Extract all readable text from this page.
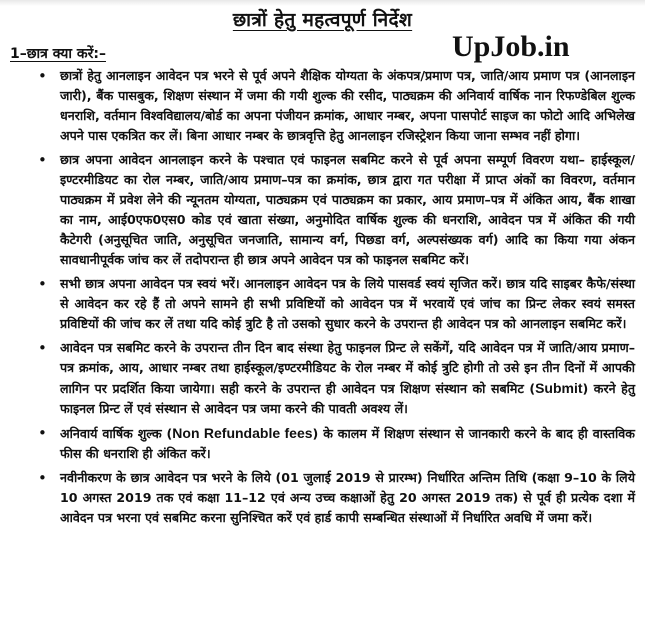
छात्रों हेतु महत्वपूर्ण निर्देश
UpJob.in
1–छात्र क्या करें:–
• छात्रों हेतु आनलाइन आवेदन पत्र भरने से पूर्व अपने शैक्षिक योग्यता के अंकपत्र/प्रमाण पत्र, जाति/आय प्रमाण पत्र (आनलाइन जारी), बैंक पासबुक, शिक्षण संस्थान में जमा की गयी शुल्क की रसीद, पाठ्यक्रम की अनिवार्य वार्षिक नान रिफण्डेबिल शुल्क धनराशि, वर्तमान विश्वविद्यालय/बोर्ड का अपना पंजीयन क्रमांक, आधार नम्बर, अपना पासपोर्ट साइज का फोटो आदि अभिलेख अपने पास एकत्रित कर लें। बिना आधार नम्बर के छात्रवृत्ति हेतु आनलाइन रजिस्ट्रेशन किया जाना सम्भव नहीं होगा।
• छात्र अपना आवेदन आनलाइन करने के पश्चात एवं फाइनल सबमिट करने से पूर्व अपना सम्पूर्ण विवरण यथा– हाईस्कूल/इण्टरमीडियट का रोल नम्बर, जाति/आय प्रमाण–पत्र का क्रमांक, छात्र द्वारा गत परीक्षा में प्राप्त अंकों का विवरण, वर्तमान पाठ्यक्रम में प्रवेश लेने की न्यूनतम योग्यता, पाठ्यक्रम एवं पाठ्यक्रम का प्रकार, आय प्रमाण–पत्र में अंकित आय, बैंक शाखा का नाम, आई0एफ0एस0 कोड एवं खाता संख्या, अनुमोदित वार्षिक शुल्क की धनराशि, आवेदन पत्र में अंकित की गयी कैटेगरी (अनुसूचित जाति, अनुसूचित जनजाति, सामान्य वर्ग, पिछडा वर्ग, अल्पसंख्यक वर्ग) आदि का किया गया अंकन सावधानीपूर्वक जांच कर लें तदोपरान्त ही छात्र अपने आवेदन पत्र को फाइनल सबमिट करें।
• सभी छात्र अपना आवेदन पत्र स्वयं भरें। आनलाइन आवेदन पत्र के लिये पासवर्ड स्वयं सृजित करें। छात्र यदि साइबर कैफे/संस्था से आवेदन कर रहे हैं तो अपने सामने ही सभी प्रविष्टियों को आवेदन पत्र में भरवायें एवं जांच का प्रिन्ट लेकर स्वयं समस्त प्रविष्टियों की जांच कर लें तथा यदि कोई त्रुटि है तो उसको सुधार करने के उपरान्त ही आवेदन पत्र को आनलाइन सबमिट करें।
• आवेदन पत्र सबमिट करने के उपरान्त तीन दिन बाद संस्था हेतु फाइनल प्रिन्ट ले सकेंगें, यदि आवेदन पत्र में जाति/आय प्रमाण–पत्र क्रमांक, आय, आधार नम्बर तथा हाईस्कूल/इण्टरमीडियट के रोल नम्बर में कोई त्रुटि होगी तो उसे इन तीन दिनों में आपकी लागिन पर प्रदर्शित किया जायेगा। सही करने के उपरान्त ही आवेदन पत्र शिक्षण संस्थान को सबमिट (Submit) करने हेतु फाइनल प्रिन्ट लें एवं संस्थान से आवेदन पत्र जमा करने की पावती अवश्य लें।
• अनिवार्य वार्षिक शुल्क (Non Refundable fees) के कालम में शिक्षण संस्थान से जानकारी करने के बाद ही वास्तविक फीस की धनराशि ही अंकित करें।
• नवीनीकरण के छात्र आवेदन पत्र भरने के लिये (01 जुलाई 2019 से प्रारम्भ) निर्धारित अन्तिम तिथि (कक्षा 9–10 के लिये 10 अगस्त 2019 तक एवं कक्षा 11–12 एवं अन्य उच्च कक्षाओं हेतु 20 अगस्त 2019 तक) से पूर्व ही प्रत्येक दशा में आवेदन पत्र भरना एवं सबमिट करना सुनिश्चित करें एवं हार्ड कापी सम्बन्धित संस्थाओं में निर्धारित अवधि में जमा करें।
